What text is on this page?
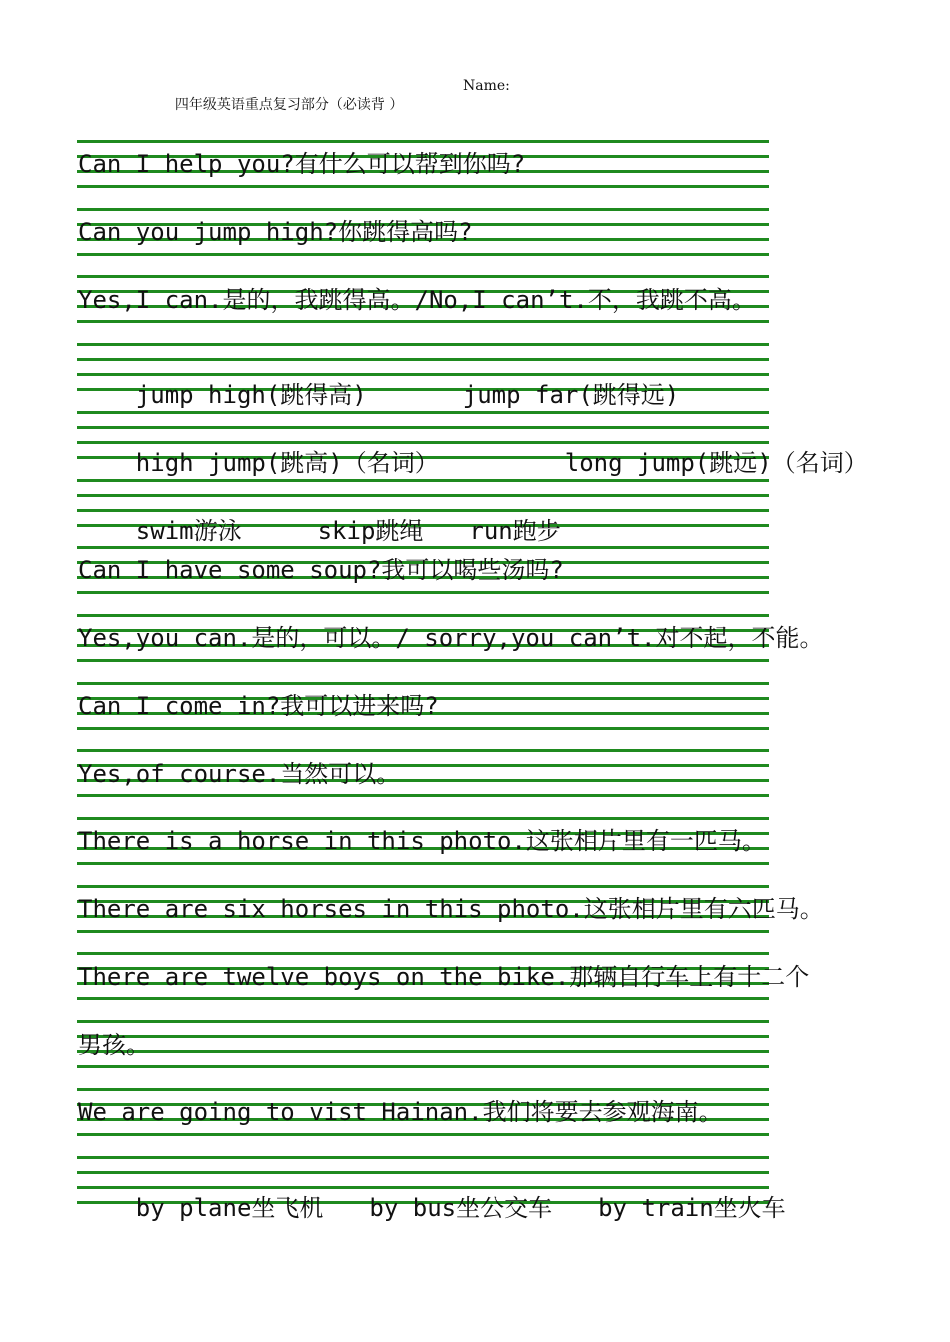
四年级英语重点复习部分（必读背 ）

Name:

Can I help you?有什么可以帮到你吗?
Can you jump high?你跳得高吗?
Yes,I can.是的，我跳得高。/No,I can’t.不，我跳不高。

jump high(跳得高)	jump far(跳得远)

high jump(跳高)（名词）	long jump(跳远)（名词）

swim游泳	skip跳绳 run跑步

Can I have some soup?我可以喝些汤吗?
Yes,you can.是的，可以。/ sorry,you can’t.对不起，不能。
Can I come in?我可以进来吗?
Yes,of course.当然可以。
There is a horse in this photo.这张相片里有一匹马。
There are six horses in this photo.这张相片里有六匹马。
There are twelve boys on the bike.那辆自行车上有十二个
男孩。
We are going to vist Hainan.我们将要去参观海南。

by plane坐飞机 by bus坐公交车 by train坐火车
